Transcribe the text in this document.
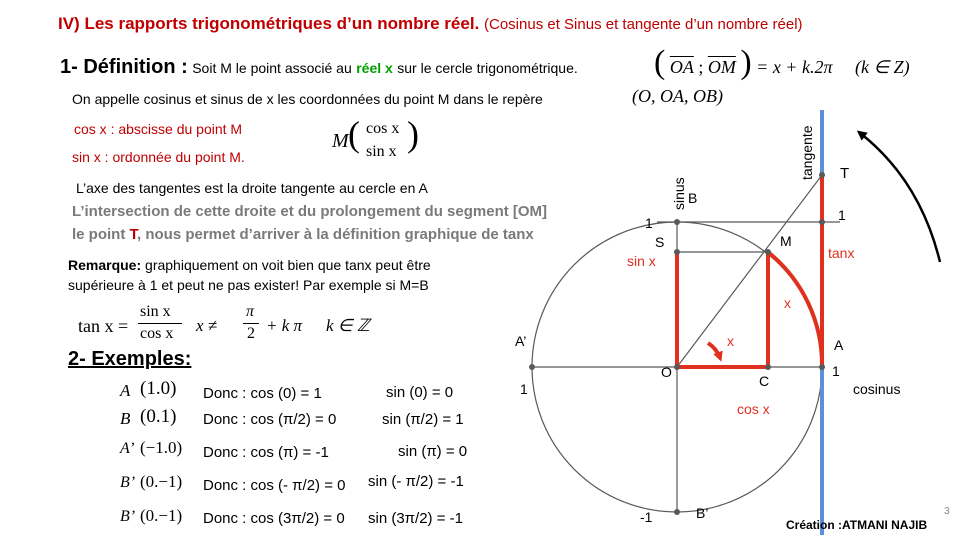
IV) Les rapports trigonométriques d’un nombre réel. (Cosinus et Sinus et tangente d’un nombre réel)
1- Définition : Soit M le point associé au réel x sur le cercle trigonométrique. ( $\overline{OA}$ ; $\overline{OM}$ ) = x + k.2π (k ∈ Z)
On appelle cosinus et sinus de x les coordonnées du point M dans le repère	(O, OA, OB)
cos x : abscisse du point M
sin x : ordonnée du point M.
M ( cos x
sin x )
L’axe des tangentes est la droite tangente au cercle en A
L’intersection de cette droite et du prolongement du segment [OM]
le point T, nous permet d’arriver à la définition graphique de tanx
Remarque: graphiquement on voit bien que tanx peut être
supérieure à 1 et peut ne pas exister! Par exemple si M=B
tan x =
sin x
cos x x ≠
π
2 + k π k ∈ ℤ
2- Exemples:
A (1.0) Donc : cos (0) = 1	sin (0) = 0
B (0.1) Donc : cos (π/2) = 0	sin (π/2) = 1
A’ (−1.0) Donc : cos (π) = -1	sin (π) = 0
B’ (0.−1) Donc : cos (- π/2) = 0 sin (- π/2) = -1
B’ (0.−1) Donc : cos (3π/2) = 0 sin (3π/2) = -1
tangente
sinus
T
B
1	1
S	M
sin x	tanx
x
x
A’	A
O
C
1
1
cosinus
cos x
-1	B’
Création :ATMANI NAJIB
3
